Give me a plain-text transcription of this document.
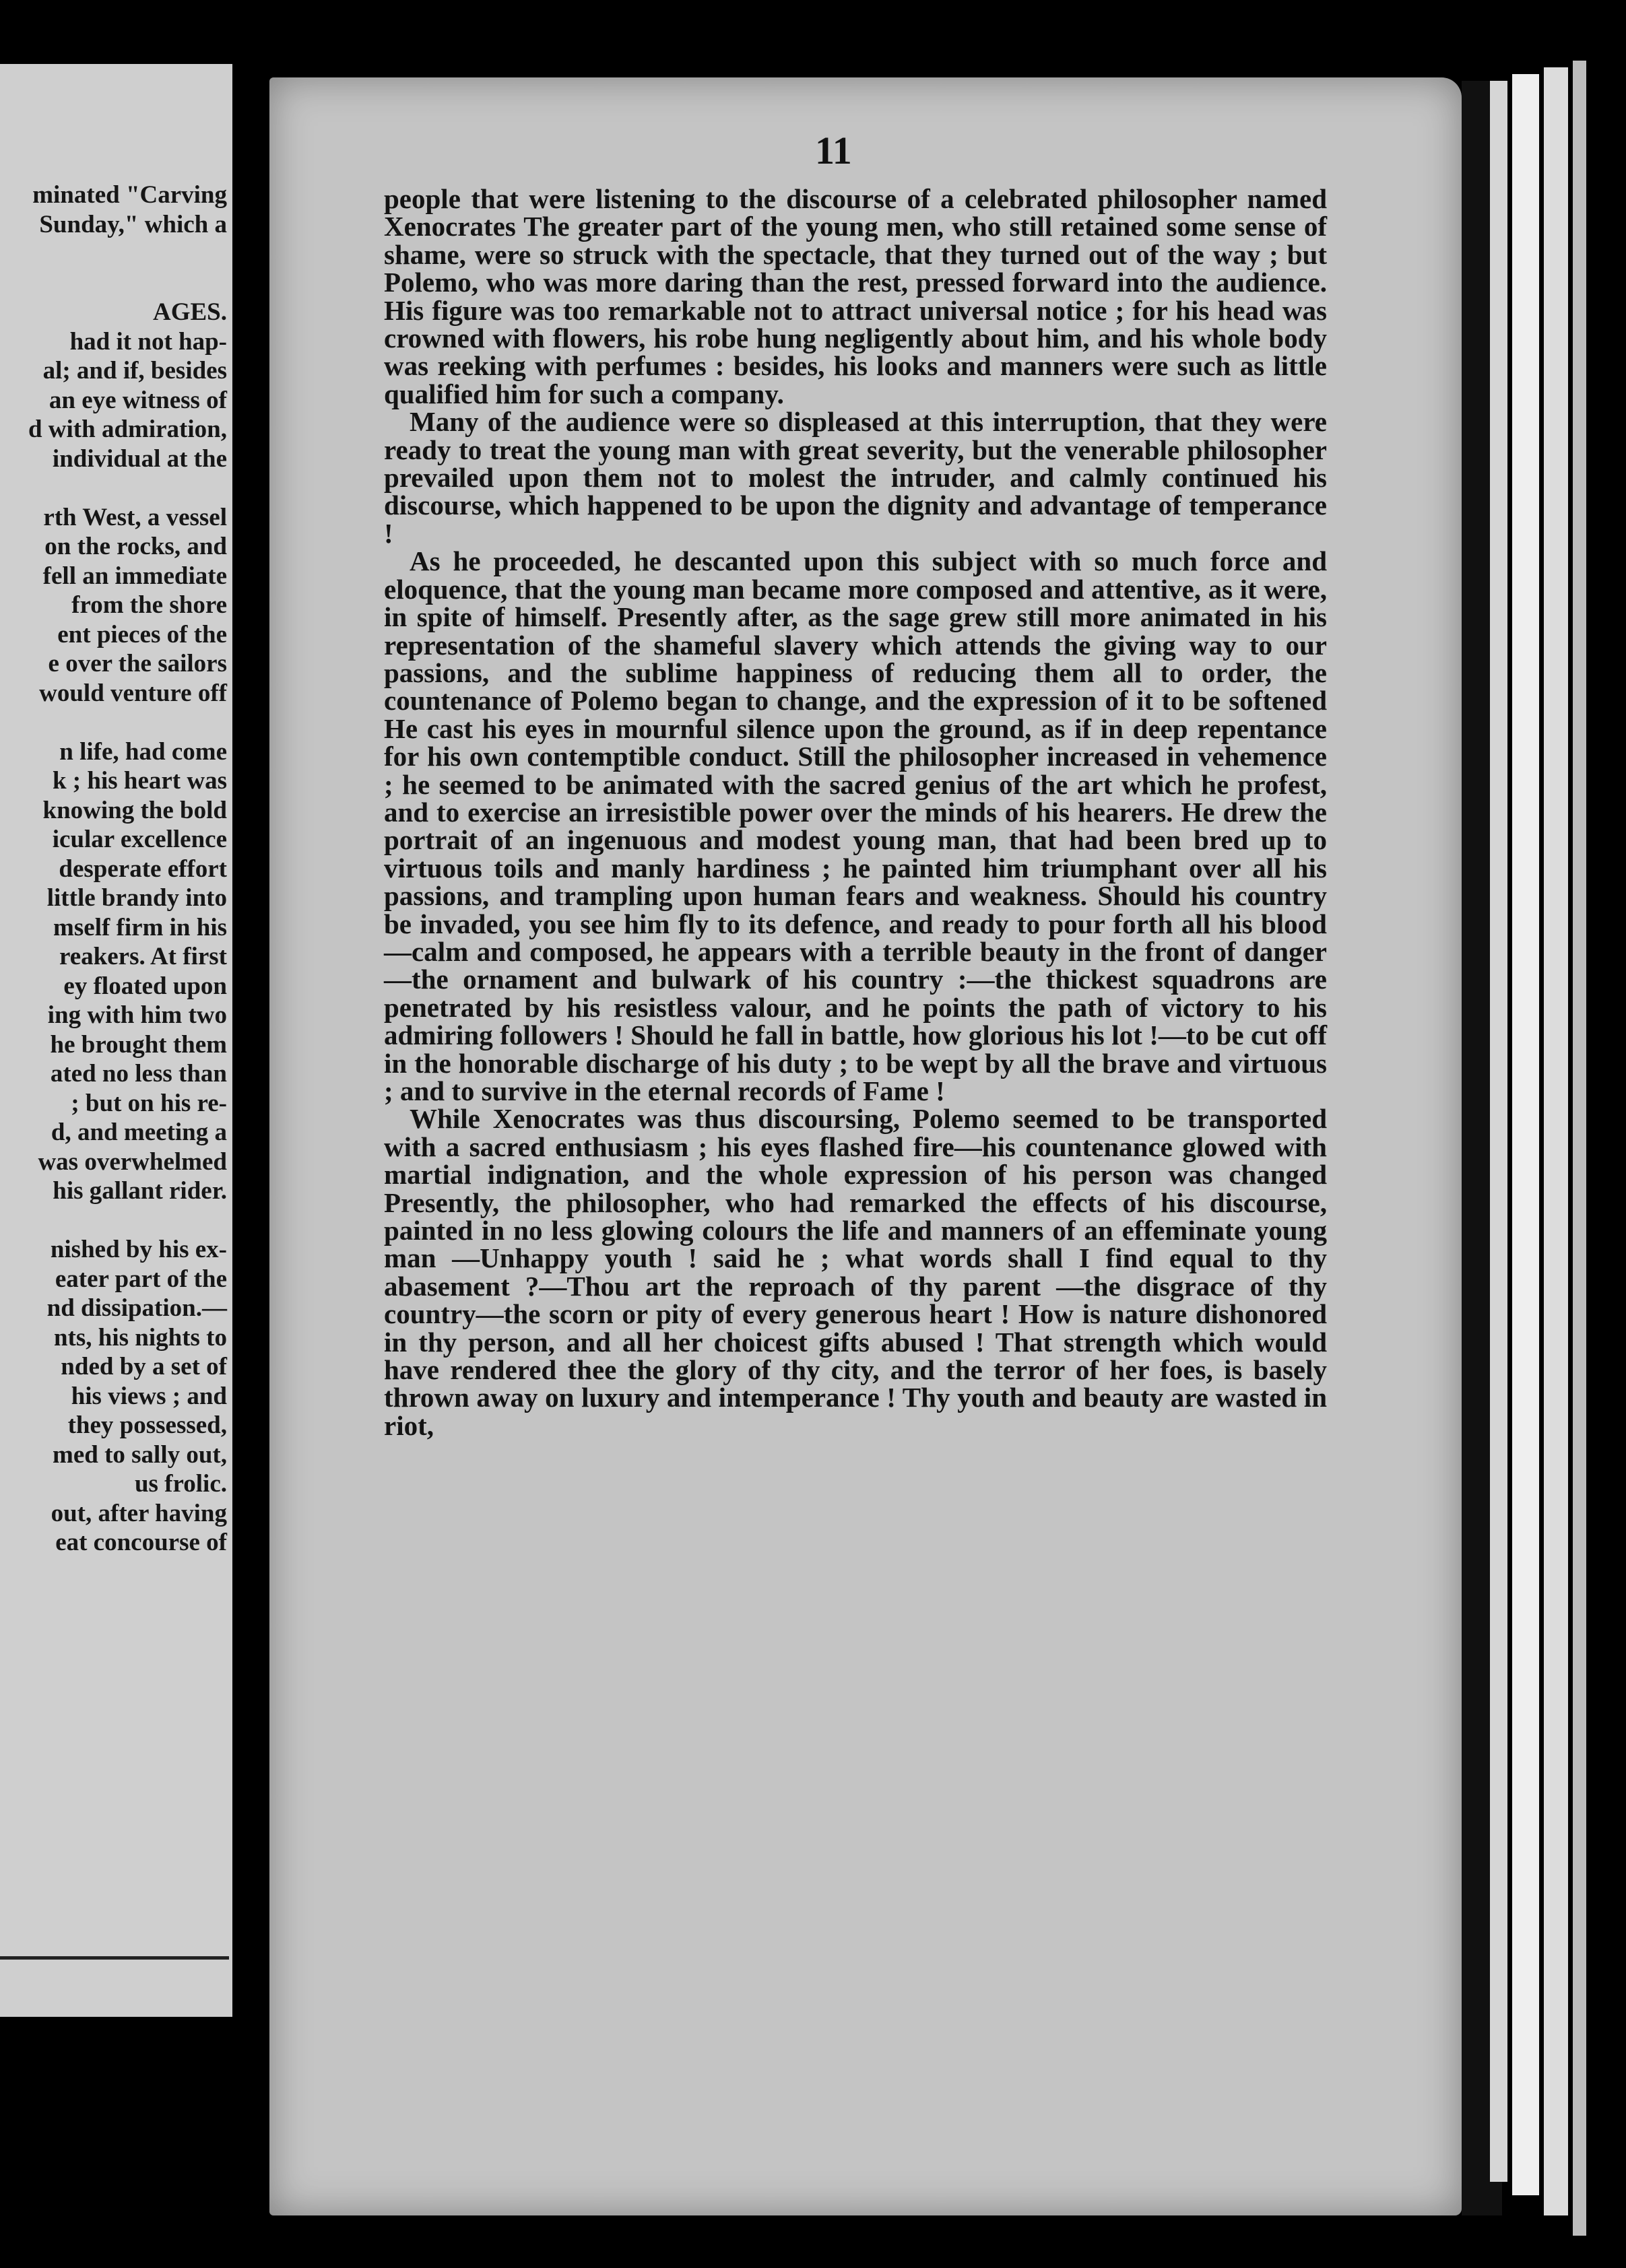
minated "Carving
Sunday," which a
AGES.
had it not hap-
al; and if, besides
an eye witness of
d with admiration,
individual at the
rth West, a vessel
on the rocks, and
fell an immediate
from the shore
ent pieces of the
e over the sailors
would venture off
n life, had come
k ; his heart was
knowing the bold
icular excellence
desperate effort
little brandy into
mself firm in his
reakers. At first
ey floated upon
ing with him two
he brought them
ated no less than
; but on his re-
d, and meeting a
was overwhelmed
his gallant rider.
nished by his ex-
eater part of the
nd dissipation.—
nts, his nights to
nded by a set of
his views ; and
they possessed,
med to sally out,
us frolic.
out, after having
eat concourse of
11

people that were listening to the discourse of a celebrated philosopher named Xenocrates The greater part of the young men, who still retained some sense of shame, were so struck with the spectacle, that they turned out of the way ; but Polemo, who was more daring than the rest, pressed forward into the audience. His figure was too remarkable not to attract universal notice ; for his head was crowned with flowers, his robe hung negligently about him, and his whole body was reeking with perfumes : besides, his looks and manners were such as little qualified him for such a company.

Many of the audience were so displeased at this interruption, that they were ready to treat the young man with great severity, but the venerable philosopher prevailed upon them not to molest the intruder, and calmly continued his discourse, which happened to be upon the dignity and advantage of temperance !

As he proceeded, he descanted upon this subject with so much force and eloquence, that the young man became more composed and attentive, as it were, in spite of himself. Presently after, as the sage grew still more animated in his representation of the shameful slavery which attends the giving way to our passions, and the sublime happiness of reducing them all to order, the countenance of Polemo began to change, and the expression of it to be softened He cast his eyes in mournful silence upon the ground, as if in deep repentance for his own contemptible conduct. Still the philosopher increased in vehemence ; he seemed to be animated with the sacred genius of the art which he profest, and to exercise an irresistible power over the minds of his hearers. He drew the portrait of an ingenuous and modest young man, that had been bred up to virtuous toils and manly hardiness ; he painted him triumphant over all his passions, and trampling upon human fears and weakness. Should his country be invaded, you see him fly to its defence, and ready to pour forth all his blood—calm and composed, he appears with a terrible beauty in the front of danger—the ornament and bulwark of his country :—the thickest squadrons are penetrated by his resistless valour, and he points the path of victory to his admiring followers ! Should he fall in battle, how glorious his lot !—to be cut off in the honorable discharge of his duty ; to be wept by all the brave and virtuous ; and to survive in the eternal records of Fame !

While Xenocrates was thus discoursing, Polemo seemed to be transported with a sacred enthusiasm ; his eyes flashed fire—his countenance glowed with martial indignation, and the whole expression of his person was changed Presently, the philosopher, who had remarked the effects of his discourse, painted in no less glowing colours the life and manners of an effeminate young man —Unhappy youth ! said he ; what words shall I find equal to thy abasement ?—Thou art the reproach of thy parent —the disgrace of thy country—the scorn or pity of every generous heart ! How is nature dishonored in thy person, and all her choicest gifts abused ! That strength which would have rendered thee the glory of thy city, and the terror of her foes, is basely thrown away on luxury and intemperance ! Thy youth and beauty are wasted in riot,
